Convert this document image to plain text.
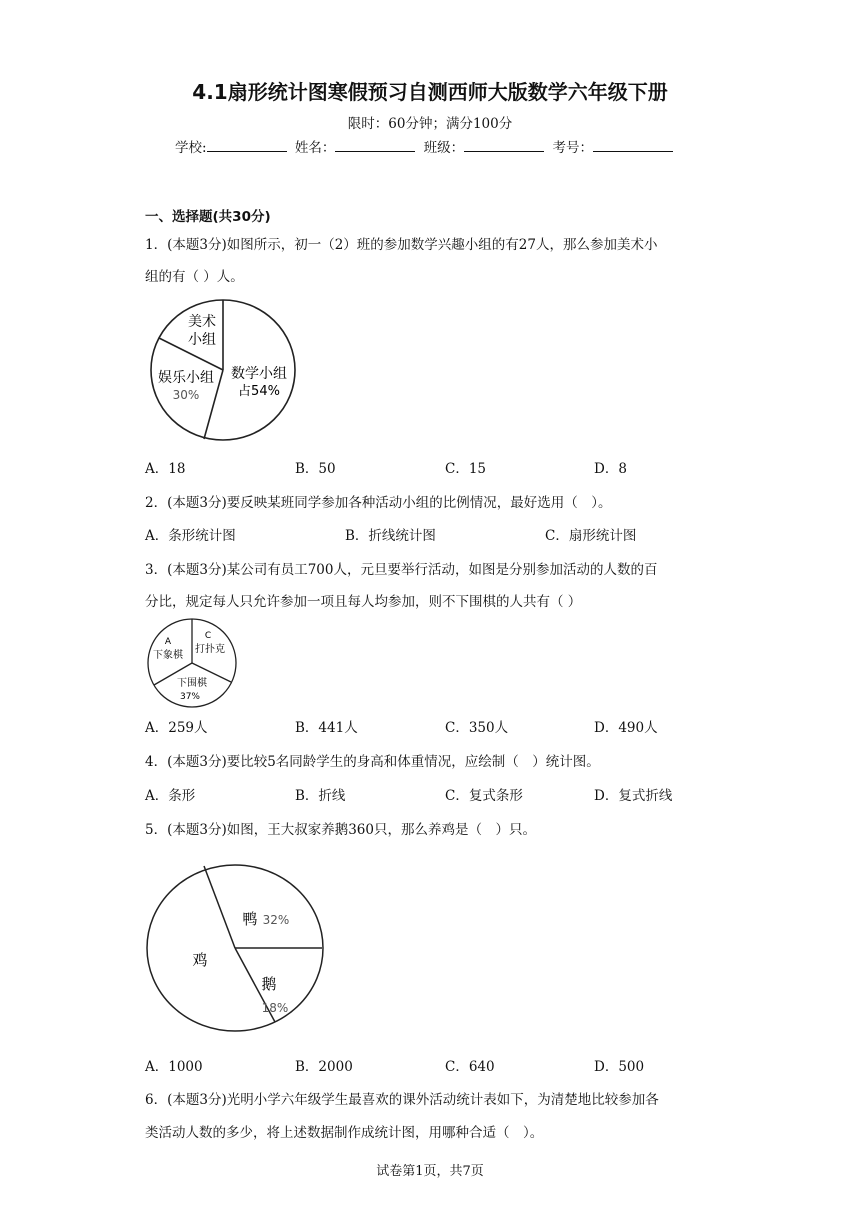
4.1扇形统计图寒假预习自测西师大版数学六年级下册
限时：60分钟；满分100分
学校:	姓名：	班级：	考号：
一、选择题(共30分)
1．(本题3分)如图所示，初一（2）班的参加数学兴趣小组的有27人，那么参加美术小
组的有（ ）人。
美术
小组
娱乐小组
30%
数学小组
占54%
A．18	B．50	C．15	D．8
2．(本题3分)要反映某班同学参加各种活动小组的比例情况，最好选用（　）。
A．条形统计图	B．折线统计图	C．扇形统计图
3．(本题3分)某公司有员工700人，元旦要举行活动，如图是分别参加活动的人数的百
分比，规定每人只允许参加一项且每人均参加，则不下围棋的人共有（ ）
A
下象棋
C
打扑克
下围棋
37%
A．259人	B．441人	C．350人	D．490人
4．(本题3分)要比较5名同龄学生的身高和体重情况，应绘制（　）统计图。
A．条形	B．折线	C．复式条形	D．复式折线
5．(本题3分)如图，王大叔家养鹅360只，那么养鸡是（　）只。
鸭 32%
鸡
鹅
18%
A．1000	B．2000	C．640	D．500
6．(本题3分)光明小学六年级学生最喜欢的课外活动统计表如下，为清楚地比较参加各
类活动人数的多少，将上述数据制作成统计图，用哪种合适（　）。
试卷第1页，共7页
